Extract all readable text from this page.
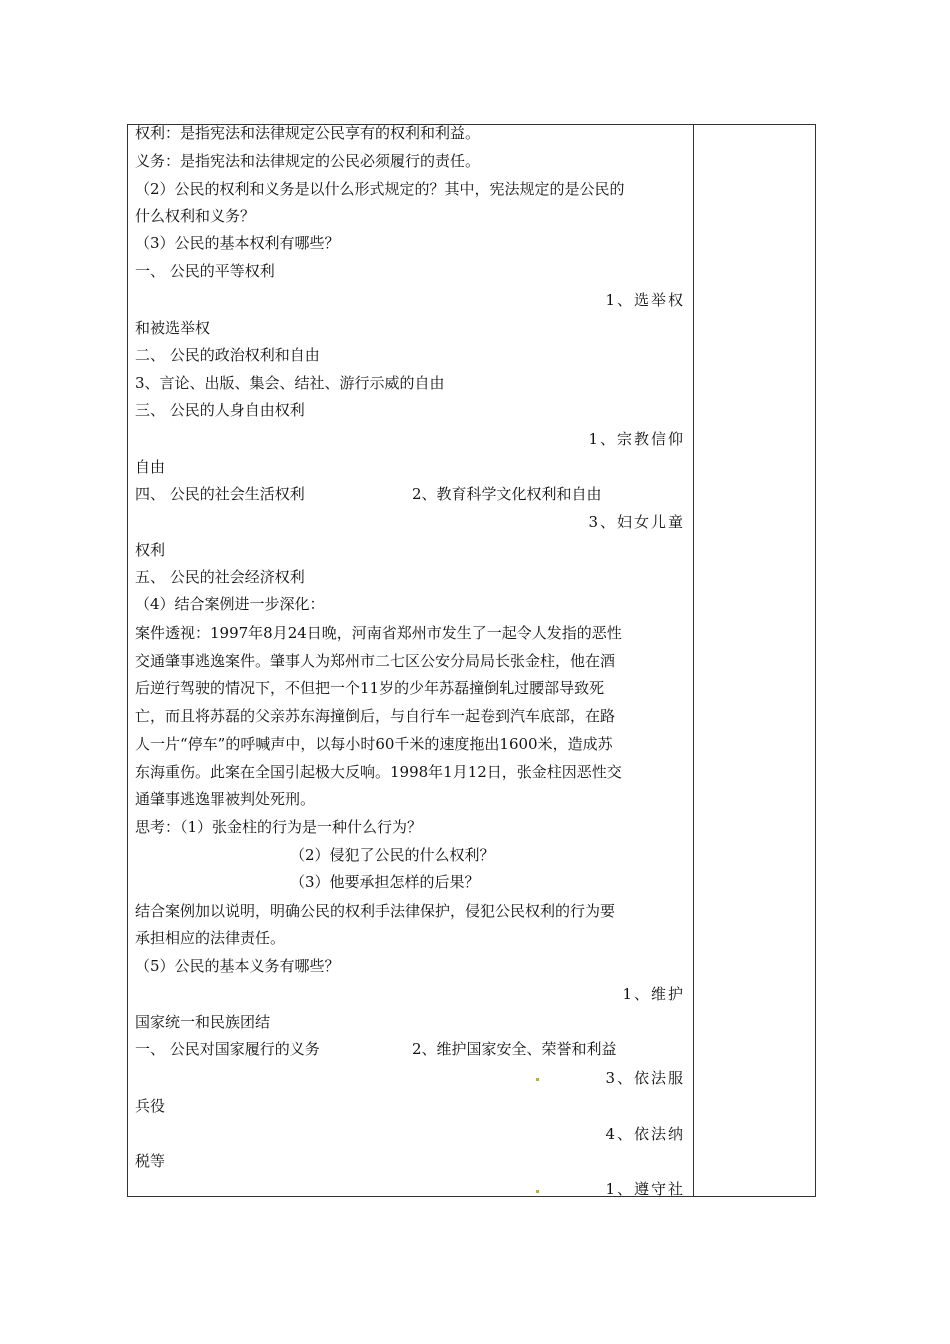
权利：是指宪法和法律规定公民享有的权利和利益。
义务：是指宪法和法律规定的公民必须履行的责任。
（2）公民的权利和义务是以什么形式规定的？其中，宪法规定的是公民的
什么权利和义务？
（3）公民的基本权利有哪些？
一、 公民的平等权利
1、选举权
和被选举权
二、 公民的政治权利和自由
3、言论、出版、集会、结社、游行示威的自由
三、 公民的人身自由权利
1、宗教信仰
自由
四、 公民的社会生活权利	2、教育科学文化权利和自由
3、妇女儿童
权利
五、 公民的社会经济权利
（4）结合案例进一步深化：
案件透视：1997年8月24日晚，河南省郑州市发生了一起令人发指的恶性
交通肇事逃逸案件。肇事人为郑州市二七区公安分局局长张金柱，他在酒
后逆行驾驶的情况下，不但把一个11岁的少年苏磊撞倒轧过腰部导致死
亡，而且将苏磊的父亲苏东海撞倒后，与自行车一起卷到汽车底部，在路
人一片“停车”的呼喊声中，以每小时60千米的速度拖出1600米，造成苏
东海重伤。此案在全国引起极大反响。1998年1月12日，张金柱因恶性交
通肇事逃逸罪被判处死刑。
思考：（1）张金柱的行为是一种什么行为？
（2）侵犯了公民的什么权利？
（3）他要承担怎样的后果？
结合案例加以说明，明确公民的权利手法律保护，侵犯公民权利的行为要
承担相应的法律责任。
（5）公民的基本义务有哪些？
1、维护
国家统一和民族团结
一、 公民对国家履行的义务	2、维护国家安全、荣誉和利益
3、依法服
兵役
4、依法纳
税等
1、遵守社
